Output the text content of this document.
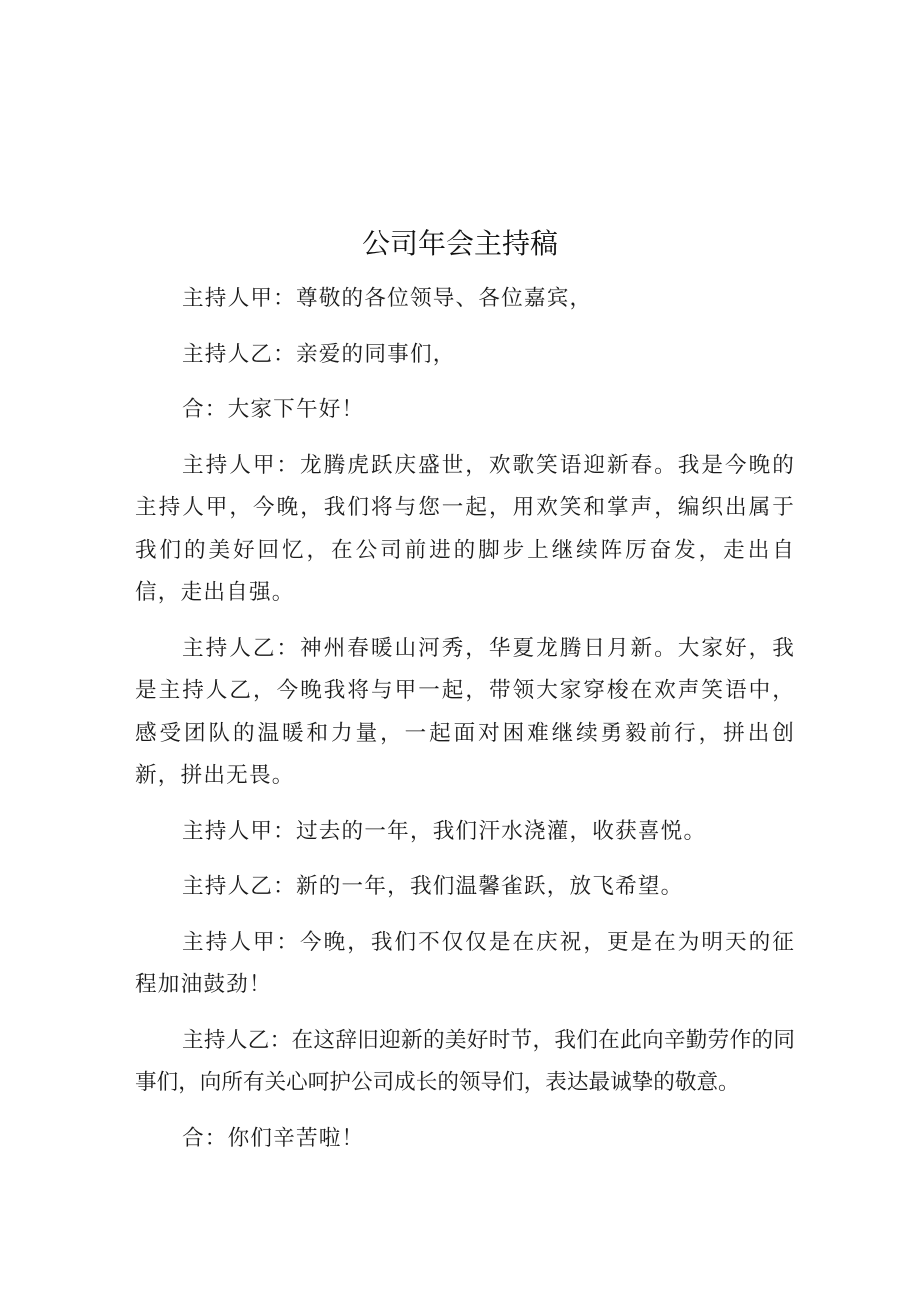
公司年会主持稿

主持人甲：尊敬的各位领导、各位嘉宾，

主持人乙：亲爱的同事们，

合：大家下午好！

主持人甲：龙腾虎跃庆盛世，欢歌笑语迎新春。我是今晚的主持人甲，今晚，我们将与您一起，用欢笑和掌声，编织出属于我们的美好回忆，在公司前进的脚步上继续阵厉奋发，走出自信，走出自强。

主持人乙：神州春暖山河秀，华夏龙腾日月新。大家好，我是主持人乙，今晚我将与甲一起，带领大家穿梭在欢声笑语中，感受团队的温暖和力量，一起面对困难继续勇毅前行，拼出创新，拼出无畏。

主持人甲：过去的一年，我们汗水浇灌，收获喜悦。

主持人乙：新的一年，我们温馨雀跃，放飞希望。

主持人甲：今晚，我们不仅仅是在庆祝，更是在为明天的征程加油鼓劲！

主持人乙：在这辞旧迎新的美好时节，我们在此向辛勤劳作的同事们，向所有关心呵护公司成长的领导们，表达最诚挚的敬意。

合：你们辛苦啦！
